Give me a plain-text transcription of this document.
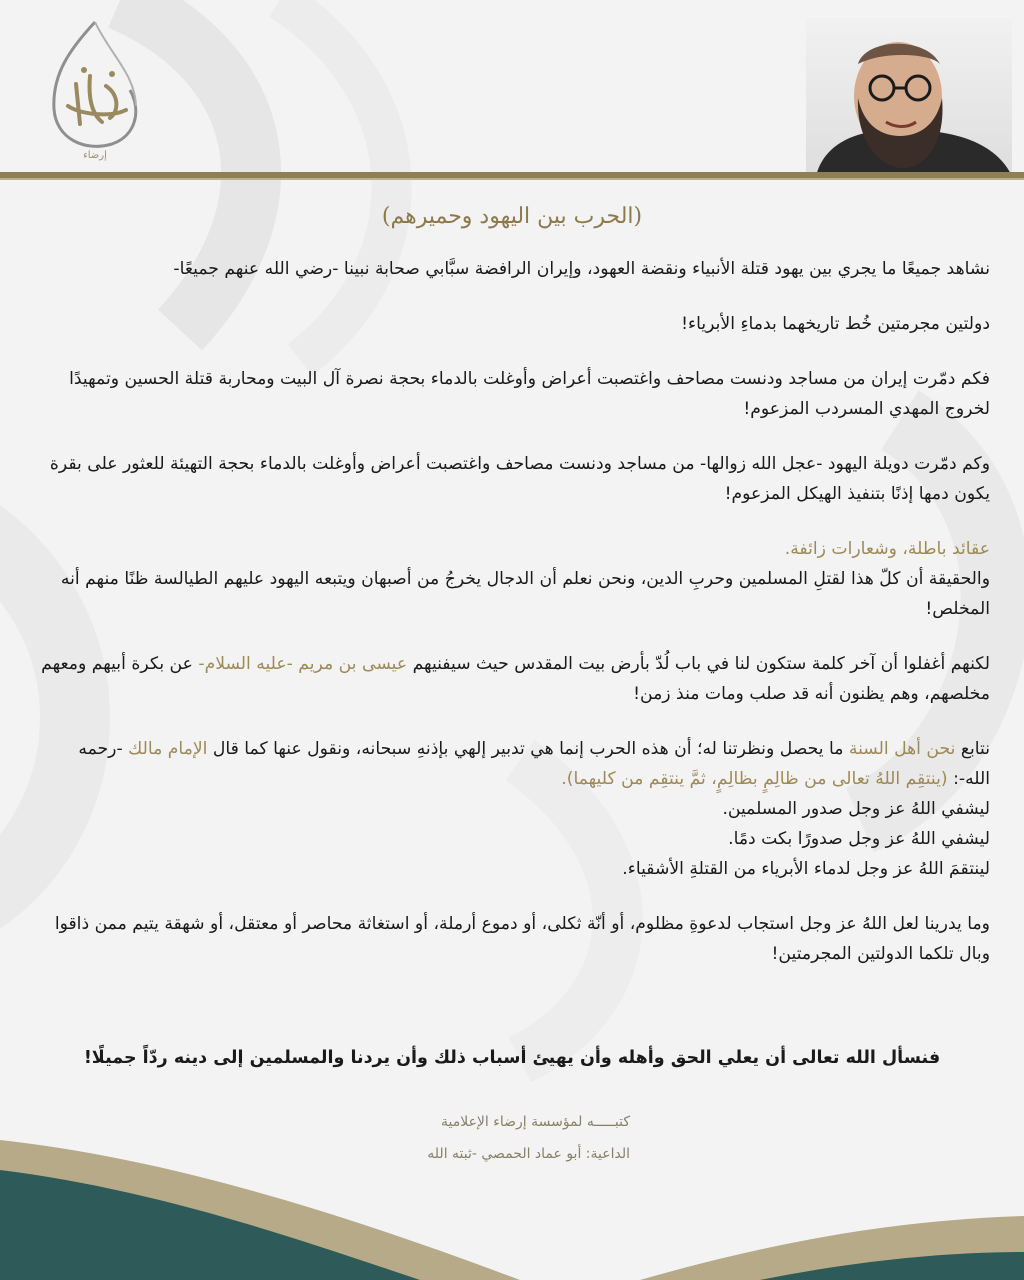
إرضاء
(الحرب بين اليهود وحميرهم)

نشاهد جميعًا ما يجري بين يهود قتلة الأنبياء ونقضة العهود، وإيران الرافضة سبَّابي صحابة نبينا -رضي الله عنهم جميعًا-

دولتين مجرمتين خُط تاريخهما بدماءِ الأبرياء!

فكم دمّرت إيران من مساجد ودنست مصاحف واغتصبت أعراض وأوغلت بالدماء بحجة نصرة آل البيت ومحاربة قتلة الحسين وتمهيدًا لخروج المهدي المسردب المزعوم!

وكم دمّرت دويلة اليهود -عجل الله زوالها- من مساجد ودنست مصاحف واغتصبت أعراض وأوغلت بالدماء بحجة التهيئة للعثور على بقرة يكون دمها إذنًا بتنفيذ الهيكل المزعوم!

عقائد باطلة، وشعارات زائفة.
والحقيقة أن كلّ هذا لقتلِ المسلمين وحربِ الدين، ونحن نعلم أن الدجال يخرجُ من أصبهان ويتبعه اليهود عليهم الطيالسة ظنًا منهم أنه المخلص!

لكنهم أغفلوا أن آخر كلمة ستكون لنا في باب لُدّ بأرض بيت المقدس حيث سيفنيهم عيسى بن مريم -عليه السلام- عن بكرة أبيهم ومعهم مخلصهم، وهم يظنون أنه قد صلب ومات منذ زمن!

نتابع نحن أهل السنة ما يحصل ونظرتنا له؛ أن هذه الحرب إنما هي تدبير إلهي بإذنهِ سبحانه، ونقول عنها كما قال الإمام مالك -رحمه الله-: (ينتقِم اللهُ تعالى من ظالِمٍ بظالِمٍ، ثمَّ ينتقِم من كليهما).
ليشفي اللهُ عز وجل صدور المسلمين.
ليشفي اللهُ عز وجل صدورًا بكت دمًا.
لينتقمَ اللهُ عز وجل لدماء الأبرياء من القتلةِ الأشقياء.

وما يدرينا لعل اللهُ عز وجل استجاب لدعوةِ مظلوم، أو أنّة ثكلى، أو دموع أرملة، أو استغاثة محاصر أو معتقل، أو شهقة يتيم ممن ذاقوا وبال تلكما الدولتين المجرمتين!

فنسأل الله تعالى أن يعلي الحق وأهله وأن يهيئ أسباب ذلك وأن يردنا والمسلمين إلى دينه ردّاً جميلًا!
كتبـــــه لمؤسسة إرضاء الإعلامية
الداعية: أبو عماد الحمصي -ثبته الله
